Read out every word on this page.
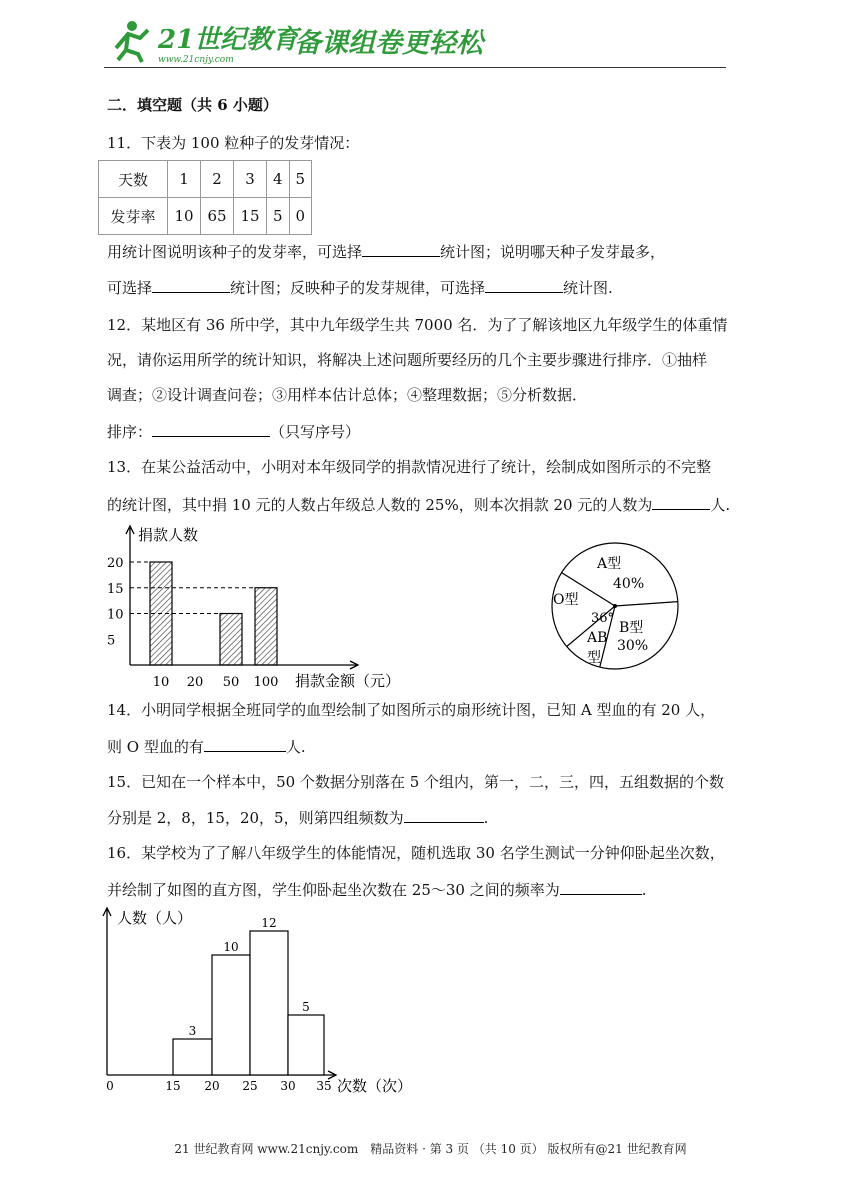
21世纪教育
www.21cnjy.com
备课组卷更轻松
二．填空题（共 6 小题）
11．下表为 100 粒种子的发芽情况：
天数	1	2	3	4	5
发芽率	10	65	15	5	0
用统计图说明该种子的发芽率，可选择	统计图；说明哪天种子发芽最多，
可选择	统计图；反映种子的发芽规律，可选择	统计图.
12．某地区有 36 所中学，其中九年级学生共 7000 名．为了了解该地区九年级学生的体重情
况，请你运用所学的统计知识，将解决上述问题所要经历的几个主要步骤进行排序．①抽样
调查；②设计调查问卷；③用样本估计总体；④整理数据；⑤分析数据．
排序：	（只写序号）
13．在某公益活动中，小明对本年级同学的捐款情况进行了统计，绘制成如图所示的不完整
的统计图，其中捐 10 元的人数占年级总人数的 25%，则本次捐款 20 元的人数为	人.
捐款人数
捐款金额（元）
5
10
15
20
10 20 50 100
A型
40%
B型
30%
O型
AB
型
36°
14．小明同学根据全班同学的血型绘制了如图所示的扇形统计图，已知 A 型血的有 20 人，
则 O 型血的有	人.
15．已知在一个样本中，50 个数据分别落在 5 个组内，第一，二，三，四，五组数据的个数
分别是 2，8，15，20，5，则第四组频数为	.
16．某学校为了了解八年级学生的体能情况，随机选取 30 名学生测试一分钟仰卧起坐次数，
并绘制了如图的直方图，学生仰卧起坐次数在 25～30 之间的频率为	.
人数（人）
次数（次）
0	15 20 25 30 35
3
10
12
5
21 世纪教育网 www.21cnjy.com　精品资料 · 第 3 页 （共 10 页） 版权所有@21 世纪教育网
